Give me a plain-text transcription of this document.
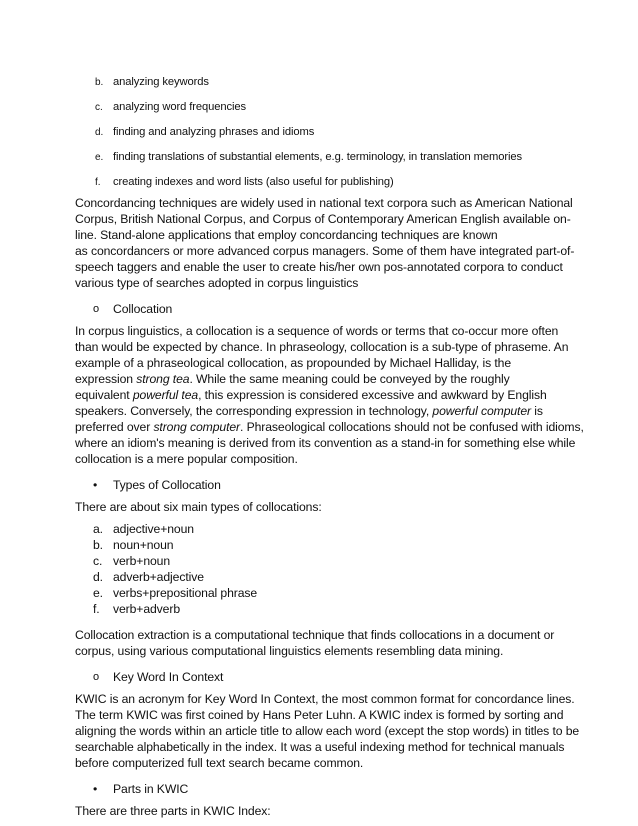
b. analyzing keywords
c. analyzing word frequencies
d. finding and analyzing phrases and idioms
e. finding translations of substantial elements, e.g. terminology, in translation memories
f. creating indexes and word lists (also useful for publishing)
Concordancing techniques are widely used in national text corpora such as American National
Corpus, British National Corpus, and Corpus of Contemporary American English available on-
line. Stand-alone applications that employ concordancing techniques are known
as concordancers or more advanced corpus managers. Some of them have integrated part-of-
speech taggers and enable the user to create his/her own pos-annotated corpora to conduct
various type of searches adopted in corpus linguistics
o Collocation
In corpus linguistics, a collocation is a sequence of words or terms that co-occur more often
than would be expected by chance. In phraseology, collocation is a sub-type of phraseme. An
example of a phraseological collocation, as propounded by Michael Halliday, is the
expression strong tea. While the same meaning could be conveyed by the roughly
equivalent powerful tea, this expression is considered excessive and awkward by English
speakers. Conversely, the corresponding expression in technology, powerful computer is
preferred over strong computer. Phraseological collocations should not be confused with idioms,
where an idiom's meaning is derived from its convention as a stand-in for something else while
collocation is a mere popular composition.
• Types of Collocation
There are about six main types of collocations:
a. adjective+noun
b. noun+noun
c. verb+noun
d. adverb+adjective
e. verbs+prepositional phrase
f. verb+adverb
Collocation extraction is a computational technique that finds collocations in a document or
corpus, using various computational linguistics elements resembling data mining.
o Key Word In Context
KWIC is an acronym for Key Word In Context, the most common format for concordance lines.
The term KWIC was first coined by Hans Peter Luhn. A KWIC index is formed by sorting and
aligning the words within an article title to allow each word (except the stop words) in titles to be
searchable alphabetically in the index. It was a useful indexing method for technical manuals
before computerized full text search became common.
• Parts in KWIC
There are three parts in KWIC Index:
